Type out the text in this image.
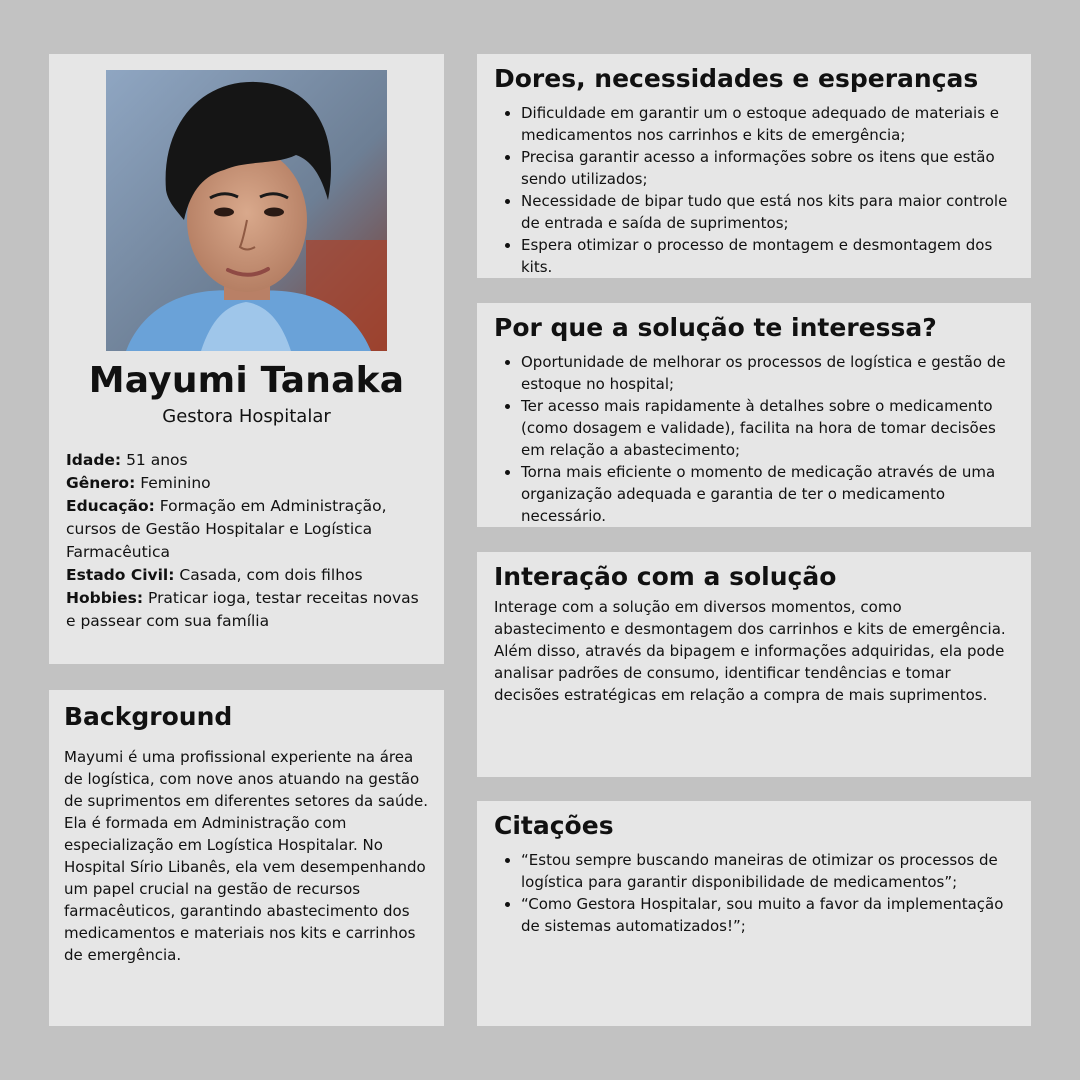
Mayumi Tanaka
Gestora Hospitalar
Idade: 51 anos
Gênero: Feminino
Educação: Formação em Administração, cursos de Gestão Hospitalar e Logística Farmacêutica
Estado Civil: Casada, com dois filhos
Hobbies: Praticar ioga, testar receitas novas e passear com sua família
Background

Mayumi é uma profissional experiente na área de logística, com nove anos atuando na gestão de suprimentos em diferentes setores da saúde. Ela é formada em Administração com especialização em Logística Hospitalar. No Hospital Sírio Libanês, ela vem desempenhando um papel crucial na gestão de recursos farmacêuticos, garantindo abastecimento dos medicamentos e materiais nos kits e carrinhos de emergência.

Dores, necessidades e esperanças
• Dificuldade em garantir um o estoque adequado de materiais e medicamentos nos carrinhos e kits de emergência;
• Precisa garantir acesso a informações sobre os itens que estão sendo utilizados;
• Necessidade de bipar tudo que está nos kits para maior controle de entrada e saída de suprimentos;
• Espera otimizar o processo de montagem e desmontagem dos kits.
Por que a solução te interessa?
• Oportunidade de melhorar os processos de logística e gestão de estoque no hospital;
• Ter acesso mais rapidamente à detalhes sobre o medicamento (como dosagem e validade), facilita na hora de tomar decisões em relação a abastecimento;
• Torna mais eficiente o momento de medicação através de uma organização adequada e garantia de ter o medicamento necessário.
Interação com a solução

Interage com a solução em diversos momentos, como abastecimento e desmontagem dos carrinhos e kits de emergência. Além disso, através da bipagem e informações adquiridas, ela pode analisar padrões de consumo, identificar tendências e tomar decisões estratégicas em relação a compra de mais suprimentos.

Citações
• “Estou sempre buscando maneiras de otimizar os processos de logística para garantir disponibilidade de medicamentos”;
• “Como Gestora Hospitalar, sou muito a favor da implementação de sistemas automatizados!”;
